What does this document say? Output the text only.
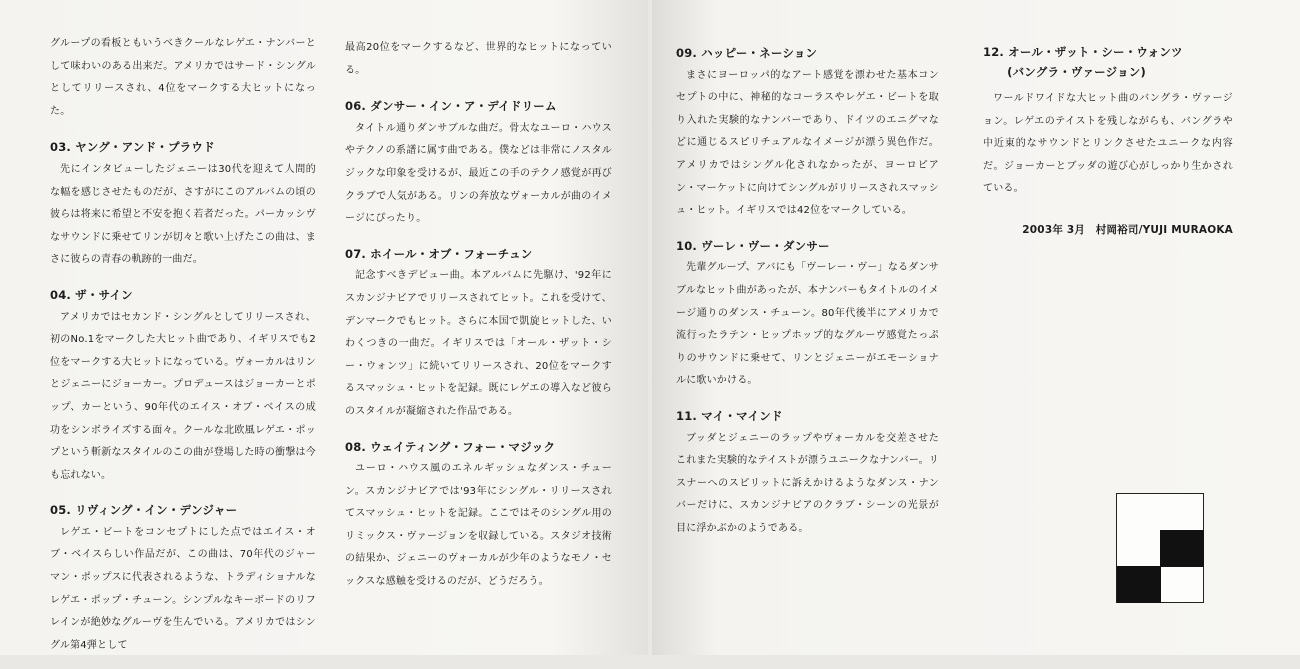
グループの看板ともいうべきクールなレゲエ・ナンバーとして味わいのある出来だ。アメリカではサード・シングルとしてリリースされ、4位をマークする大ヒットになった。

03. ヤング・アンド・プラウド

先にインタビューしたジェニーは30代を迎えて人間的な幅を感じさせたものだが、さすがにこのアルバムの頃の彼らは将来に希望と不安を抱く若者だった。パーカッシヴなサウンドに乗せてリンが切々と歌い上げたこの曲は、まさに彼らの青春の軌跡的一曲だ。

04. ザ・サイン

アメリカではセカンド・シングルとしてリリースされ、初のNo.1をマークした大ヒット曲であり、イギリスでも2位をマークする大ヒットになっている。ヴォーカルはリンとジェニーにジョーカー。プロデュースはジョーカーとポップ、カーという、90年代のエイス・オブ・ベイスの成功をシンボライズする面々。クールな北欧風レゲエ・ポップという斬新なスタイルのこの曲が登場した時の衝撃は今も忘れない。

05. リヴィング・イン・デンジャー

レゲエ・ビートをコンセプトにした点ではエイス・オブ・ベイスらしい作品だが、この曲は、70年代のジャーマン・ポップスに代表されるような、トラディショナルなレゲエ・ポップ・チューン。シンプルなキーボードのリフレインが絶妙なグルーヴを生んでいる。アメリカではシングル第4弾として

最高20位をマークするなど、世界的なヒットになっている。

06. ダンサー・イン・ア・デイドリーム

タイトル通りダンサブルな曲だ。骨太なユーロ・ハウスやテクノの系譜に属す曲である。僕などは非常にノスタルジックな印象を受けるが、最近この手のテクノ感覚が再びクラブで人気がある。リンの奔放なヴォーカルが曲のイメージにぴったり。

07. ホイール・オブ・フォーチュン

記念すべきデビュー曲。本アルバムに先駆け、'92年にスカンジナビアでリリースされてヒット。これを受けて、デンマークでもヒット。さらに本国で凱旋ヒットした、いわくつきの一曲だ。イギリスでは「オール・ザット・シー・ウォンツ」に続いてリリースされ、20位をマークするスマッシュ・ヒットを記録。既にレゲエの導入など彼らのスタイルが凝縮された作品である。

08. ウェイティング・フォー・マジック

ユーロ・ハウス風のエネルギッシュなダンス・チューン。スカンジナビアでは'93年にシングル・リリースされてスマッシュ・ヒットを記録。ここではそのシングル用のリミックス・ヴァージョンを収録している。スタジオ技術の結果か、ジェニーのヴォーカルが少年のようなモノ・セックスな感触を受けるのだが、どうだろう。

09. ハッピー・ネーション

まさにヨーロッパ的なアート感覚を漂わせた基本コンセプトの中に、神秘的なコーラスやレゲエ・ビートを取り入れた実験的なナンバーであり、ドイツのエニグマなどに通じるスピリチュアルなイメージが漂う異色作だ。アメリカではシングル化されなかったが、ヨーロピアン・マーケットに向けてシングルがリリースされスマッシュ・ヒット。イギリスでは42位をマークしている。

10. ヴーレ・ヴー・ダンサー

先輩グループ、アバにも「ヴーレー・ヴー」なるダンサブルなヒット曲があったが、本ナンバーもタイトルのイメージ通りのダンス・チューン。80年代後半にアメリカで流行ったラテン・ヒップホップ的なグルーヴ感覚たっぷりのサウンドに乗せて、リンとジェニーがエモーショナルに歌いかける。

11. マイ・マインド

ブッダとジェニーのラップやヴォーカルを交差させたこれまた実験的なテイストが漂うユニークなナンバー。リスナーへのスピリットに訴えかけるようなダンス・ナンバーだけに、スカンジナビアのクラブ・シーンの光景が目に浮かぶかのようである。

12. オール・ザット・シー・ウォンツ
(バングラ・ヴァージョン)

ワールドワイドな大ヒット曲のバングラ・ヴァージョン。レゲエのテイストを残しながらも、バングラや中近東的なサウンドとリンクさせたユニークな内容だ。ジョーカーとブッダの遊び心がしっかり生かされている。

2003年 3月　村岡裕司/YUJI MURAOKA
